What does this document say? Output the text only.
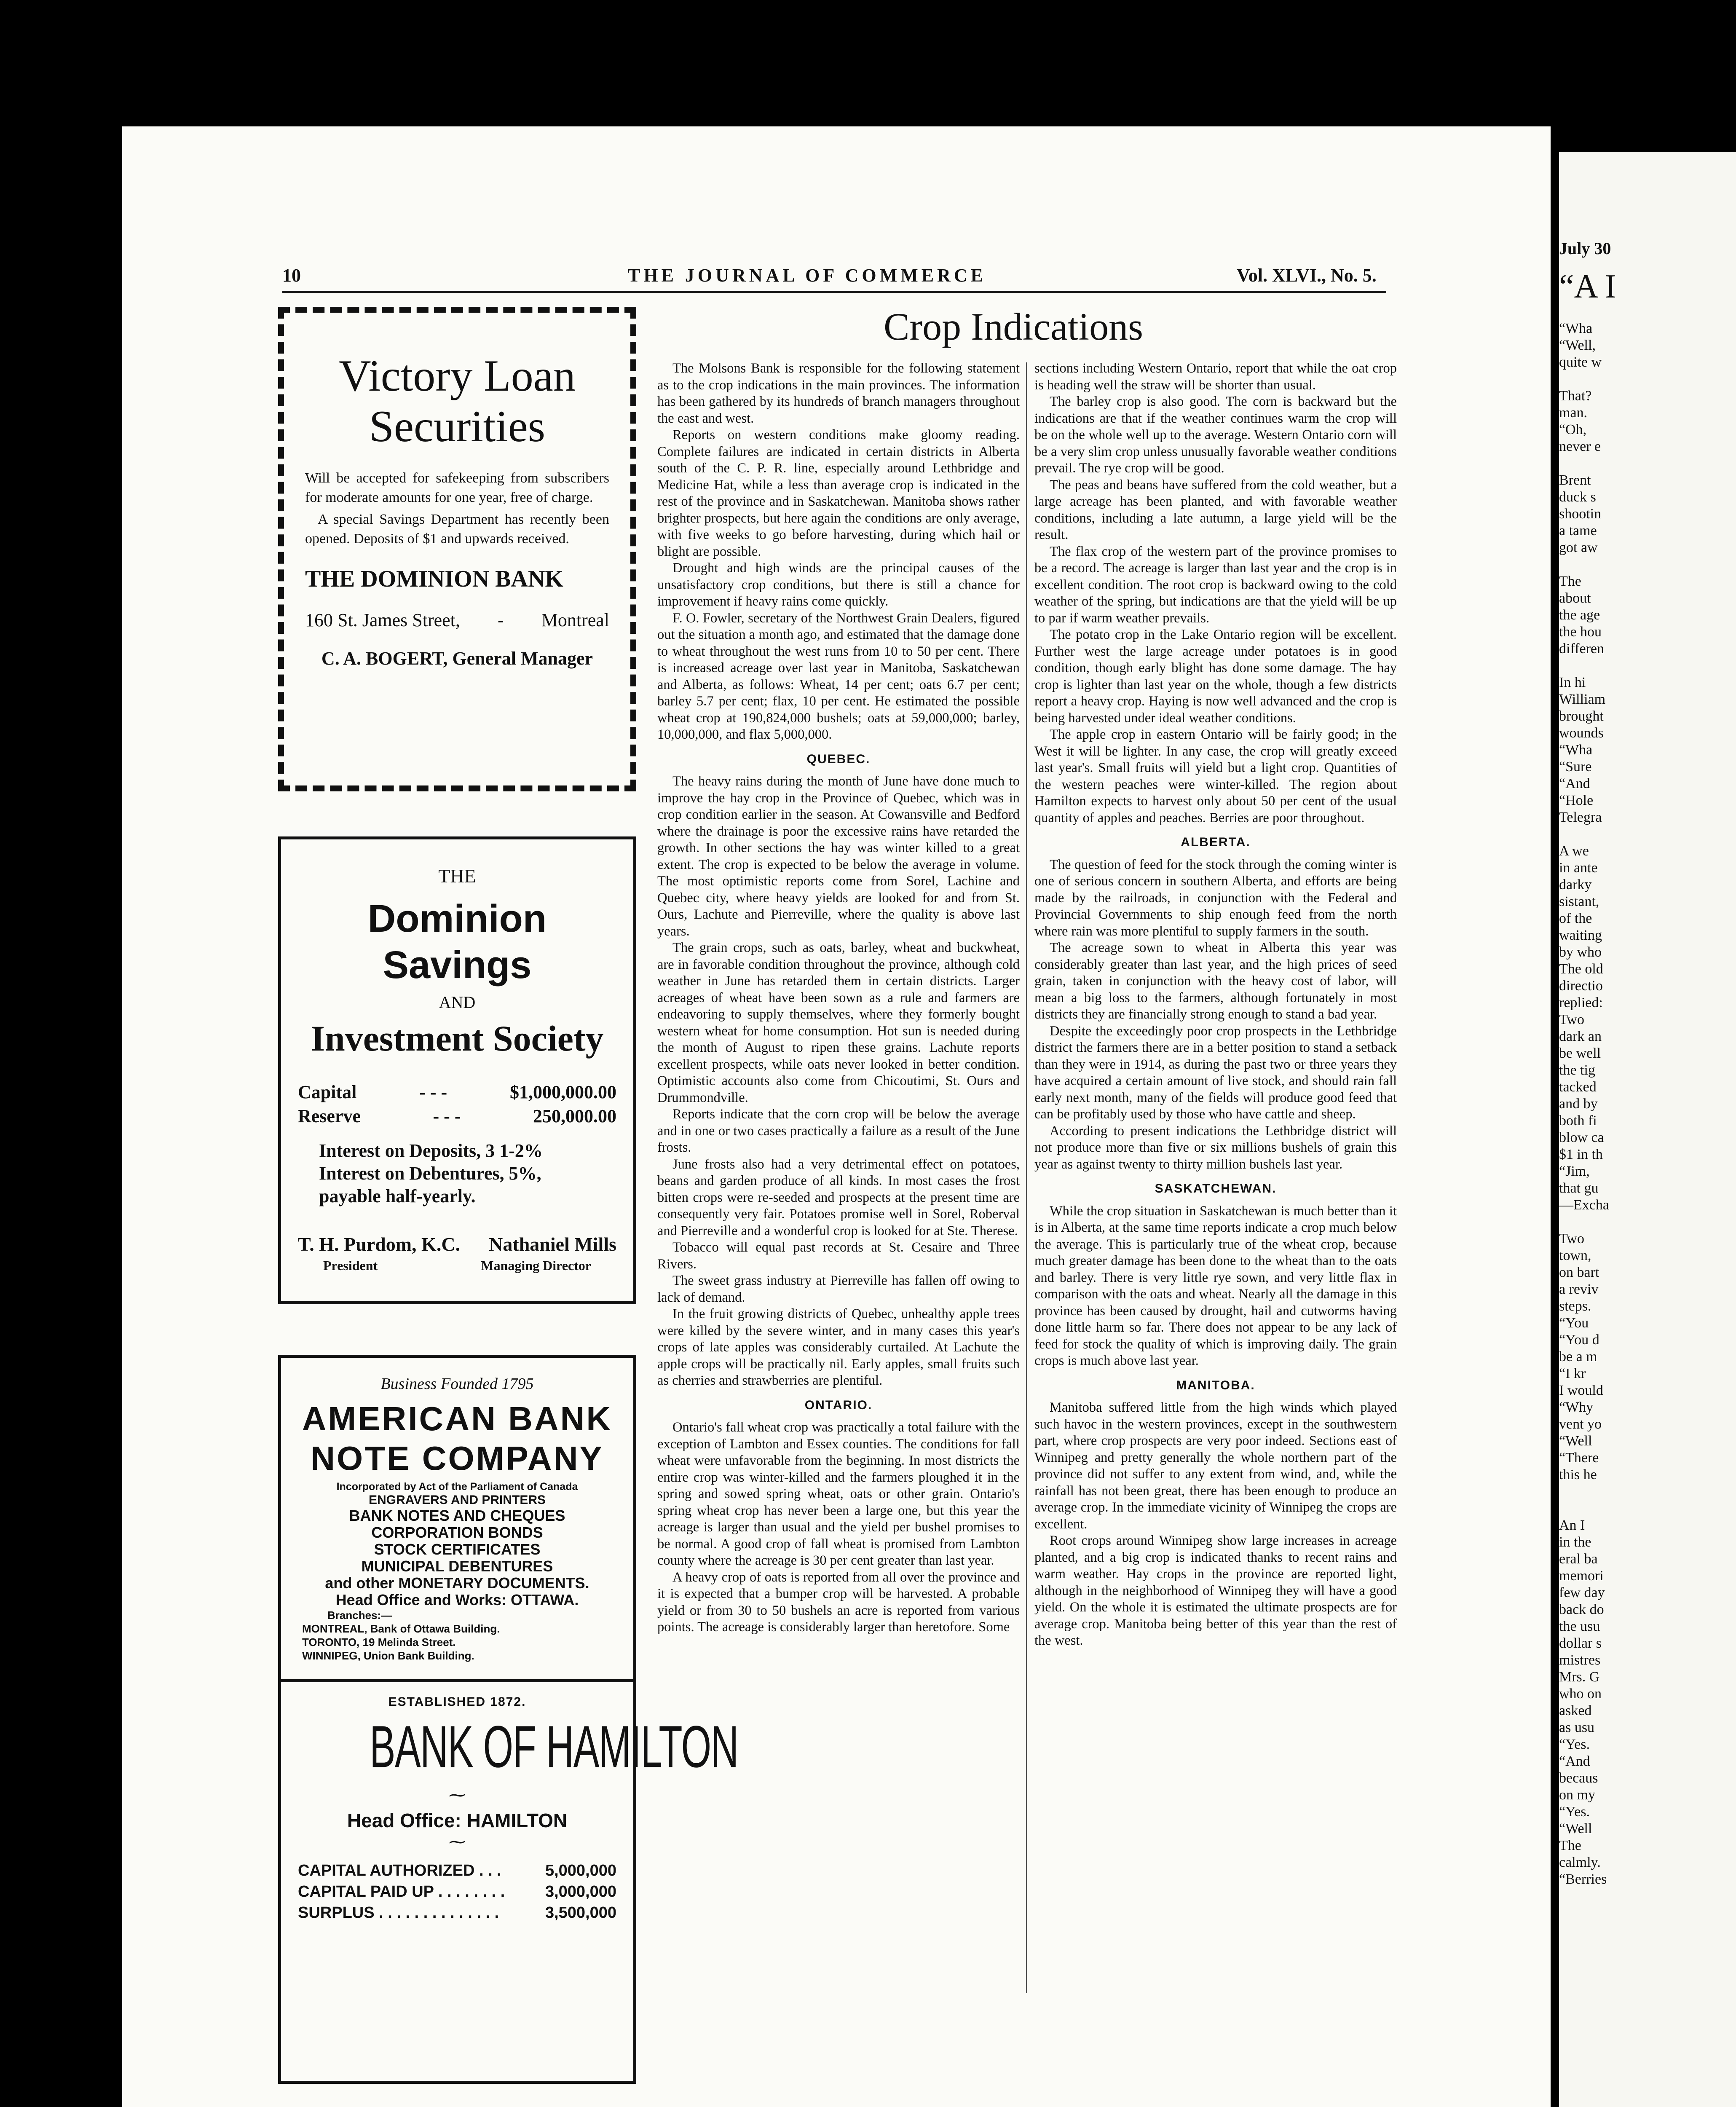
July 30
“A I
“Wha
“Well,
quite w

That?
man.
“Oh,
never e

Brent
duck s
shootin
a tame
got aw

The
about
the age
the hou
differen

In hi
William
brought
wounds
“Wha
“Sure
“And
“Hole
Telegra

A we
in ante
darky
sistant,
of the
waiting
by who
The old
directio
replied:
Two
dark an
be well
the tig
tacked
and by
both fi
blow ca
$1 in th
“Jim,
that gu
—Excha

Two
town,
on bart
a reviv
steps.
“You
“You d
be a m
“I kr
I would
“Why
vent yo
“Well
“There
this he

An I
in the
eral ba
memori
few day
back do
the usu
dollar s
mistres
Mrs. G
who on
asked
as usu
“Yes.
“And
becaus
on my
“Yes.
“Well
The
calmly.
“Berries
10	THE JOURNAL OF COMMERCE	Vol. XLVI., No. 5.
Victory Loan
Securities
Will be accepted for safekeeping from subscribers for moderate amounts for one year, free of charge.
A special Savings Department has recently been opened. Deposits of $1 and upwards received.
THE DOMINION BANK
160 St. James Street, - Montreal
C. A. BOGERT, General Manager
THE
Dominion Savings
AND
Investment Society
Capital	- - -	$1,000,000.00
Reserve	- - -	250,000.00
Interest on Deposits, 3 1-2%
Interest on Debentures, 5%,
payable half-yearly.
T. H. Purdom, K.C. Nathaniel Mills
President	Managing Director
Business Founded 1795
AMERICAN BANK
NOTE COMPANY
Incorporated by Act of the Parliament of Canada
ENGRAVERS AND PRINTERS
BANK NOTES AND CHEQUES
CORPORATION BONDS
STOCK CERTIFICATES
MUNICIPAL DEBENTURES
and other MONETARY DOCUMENTS.
Head Office and Works: OTTAWA.
Branches:—
MONTREAL, Bank of Ottawa Building.
TORONTO, 19 Melinda Street.
WINNIPEG, Union Bank Building.
ESTABLISHED 1872.
BANK OF HAMILTON
⁓
Head Office: HAMILTON
⁓
CAPITAL AUTHORIZED . . .	5,000,000
CAPITAL PAID UP . . . . . . . .	3,000,000
SURPLUS . . . . . . . . . . . . . .	3,500,000
Crop Indications

The Molsons Bank is responsible for the following statement as to the crop indications in the main provinces. The information has been gathered by its hundreds of branch managers throughout the east and west.

Reports on western conditions make gloomy reading. Complete failures are indicated in certain districts in Alberta south of the C. P. R. line, especially around Lethbridge and Medicine Hat, while a less than average crop is indicated in the rest of the province and in Saskatchewan. Manitoba shows rather brighter prospects, but here again the conditions are only average, with five weeks to go before harvesting, during which hail or blight are possible.

Drought and high winds are the principal causes of the unsatisfactory crop conditions, but there is still a chance for improvement if heavy rains come quickly.

F. O. Fowler, secretary of the Northwest Grain Dealers, figured out the situation a month ago, and estimated that the damage done to wheat throughout the west runs from 10 to 50 per cent. There is increased acreage over last year in Manitoba, Saskatchewan and Alberta, as follows: Wheat, 14 per cent; oats 6.7 per cent; barley 5.7 per cent; flax, 10 per cent. He estimated the possible wheat crop at 190,824,000 bushels; oats at 59,000,000; barley, 10,000,000, and flax 5,000,000.

QUEBEC.

The heavy rains during the month of June have done much to improve the hay crop in the Province of Quebec, which was in crop condition earlier in the season. At Cowansville and Bedford where the drainage is poor the excessive rains have retarded the growth. In other sections the hay was winter killed to a great extent. The crop is expected to be below the average in volume. The most optimistic reports come from Sorel, Lachine and Quebec city, where heavy yields are looked for and from St. Ours, Lachute and Pierreville, where the quality is above last years.

The grain crops, such as oats, barley, wheat and buckwheat, are in favorable condition throughout the province, although cold weather in June has retarded them in certain districts. Larger acreages of wheat have been sown as a rule and farmers are endeavoring to supply themselves, where they formerly bought western wheat for home consumption. Hot sun is needed during the month of August to ripen these grains. Lachute reports excellent prospects, while oats never looked in better condition. Optimistic accounts also come from Chicoutimi, St. Ours and Drummondville.

Reports indicate that the corn crop will be below the average and in one or two cases practically a failure as a result of the June frosts.

June frosts also had a very detrimental effect on potatoes, beans and garden produce of all kinds. In most cases the frost bitten crops were re-seeded and prospects at the present time are consequently very fair. Potatoes promise well in Sorel, Roberval and Pierreville and a wonderful crop is looked for at Ste. Therese.

Tobacco will equal past records at St. Cesaire and Three Rivers.

The sweet grass industry at Pierreville has fallen off owing to lack of demand.

In the fruit growing districts of Quebec, unhealthy apple trees were killed by the severe winter, and in many cases this year's crops of late apples was considerably curtailed. At Lachute the apple crops will be practically nil. Early apples, small fruits such as cherries and strawberries are plentiful.

ONTARIO.

Ontario's fall wheat crop was practically a total failure with the exception of Lambton and Essex counties. The conditions for fall wheat were unfavorable from the beginning. In most districts the entire crop was winter-killed and the farmers ploughed it in the spring and sowed spring wheat, oats or other grain. Ontario's spring wheat crop has never been a large one, but this year the acreage is larger than usual and the yield per bushel promises to be normal. A good crop of fall wheat is promised from Lambton county where the acreage is 30 per cent greater than last year.

A heavy crop of oats is reported from all over the province and it is expected that a bumper crop will be harvested. A probable yield or from 30 to 50 bushels an acre is reported from various points. The acreage is considerably larger than heretofore. Some

sections including Western Ontario, report that while the oat crop is heading well the straw will be shorter than usual.

The barley crop is also good. The corn is backward but the indications are that if the weather continues warm the crop will be on the whole well up to the average. Western Ontario corn will be a very slim crop unless unusually favorable weather conditions prevail. The rye crop will be good.

The peas and beans have suffered from the cold weather, but a large acreage has been planted, and with favorable weather conditions, including a late autumn, a large yield will be the result.

The flax crop of the western part of the province promises to be a record. The acreage is larger than last year and the crop is in excellent condition. The root crop is backward owing to the cold weather of the spring, but indications are that the yield will be up to par if warm weather prevails.

The potato crop in the Lake Ontario region will be excellent. Further west the large acreage under potatoes is in good condition, though early blight has done some damage. The hay crop is lighter than last year on the whole, though a few districts report a heavy crop. Haying is now well advanced and the crop is being harvested under ideal weather conditions.

The apple crop in eastern Ontario will be fairly good; in the West it will be lighter. In any case, the crop will greatly exceed last year's. Small fruits will yield but a light crop. Quantities of the western peaches were winter-killed. The region about Hamilton expects to harvest only about 50 per cent of the usual quantity of apples and peaches. Berries are poor throughout.

ALBERTA.

The question of feed for the stock through the coming winter is one of serious concern in southern Alberta, and efforts are being made by the railroads, in conjunction with the Federal and Provincial Governments to ship enough feed from the north where rain was more plentiful to supply farmers in the south.

The acreage sown to wheat in Alberta this year was considerably greater than last year, and the high prices of seed grain, taken in conjunction with the heavy cost of labor, will mean a big loss to the farmers, although fortunately in most districts they are financially strong enough to stand a bad year.

Despite the exceedingly poor crop prospects in the Lethbridge district the farmers there are in a better position to stand a setback than they were in 1914, as during the past two or three years they have acquired a certain amount of live stock, and should rain fall early next month, many of the fields will produce good feed that can be profitably used by those who have cattle and sheep.

According to present indications the Lethbridge district will not produce more than five or six millions bushels of grain this year as against twenty to thirty million bushels last year.

SASKATCHEWAN.

While the crop situation in Saskatchewan is much better than it is in Alberta, at the same time reports indicate a crop much below the average. This is particularly true of the wheat crop, because much greater damage has been done to the wheat than to the oats and barley. There is very little rye sown, and very little flax in comparison with the oats and wheat. Nearly all the damage in this province has been caused by drought, hail and cutworms having done little harm so far. There does not appear to be any lack of feed for stock the quality of which is improving daily. The grain crops is much above last year.

MANITOBA.

Manitoba suffered little from the high winds which played such havoc in the western provinces, except in the southwestern part, where crop prospects are very poor indeed. Sections east of Winnipeg and pretty generally the whole northern part of the province did not suffer to any extent from wind, and, while the rainfall has not been great, there has been enough to produce an average crop. In the immediate vicinity of Winnipeg the crops are excellent.

Root crops around Winnipeg show large increases in acreage planted, and a big crop is indicated thanks to recent rains and warm weather. Hay crops in the province are reported light, although in the neighborhood of Winnipeg they will have a good yield. On the whole it is estimated the ultimate prospects are for average crop. Manitoba being better of this year than the rest of the west.
